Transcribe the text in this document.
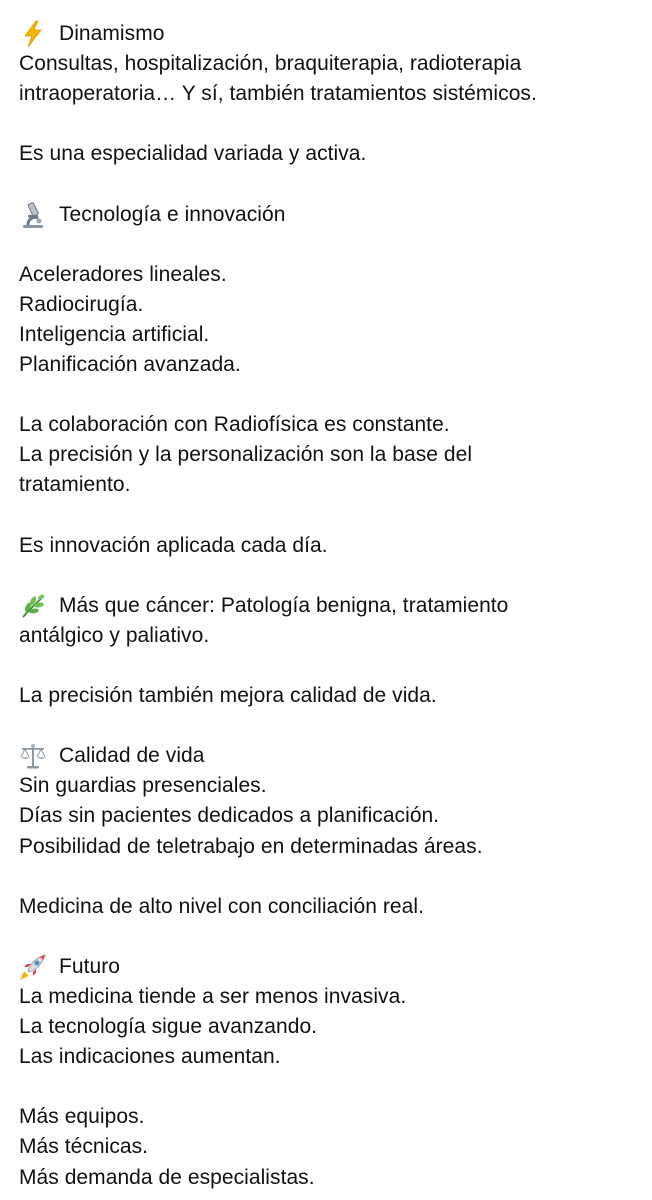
Dinamismo
Consultas, hospitalización, braquiterapia, radioterapia
intraoperatoria… Y sí, también tratamientos sistémicos.
Es una especialidad variada y activa.
Tecnología e innovación
Aceleradores lineales.
Radiocirugía.
Inteligencia artificial.
Planificación avanzada.
La colaboración con Radiofísica es constante.
La precisión y la personalización son la base del
tratamiento.
Es innovación aplicada cada día.
Más que cáncer: Patología benigna, tratamiento
antálgico y paliativo.
La precisión también mejora calidad de vida.
Calidad de vida
Sin guardias presenciales.
Días sin pacientes dedicados a planificación.
Posibilidad de teletrabajo en determinadas áreas.
Medicina de alto nivel con conciliación real.
Futuro
La medicina tiende a ser menos invasiva.
La tecnología sigue avanzando.
Las indicaciones aumentan.
Más equipos.
Más técnicas.
Más demanda de especialistas.
